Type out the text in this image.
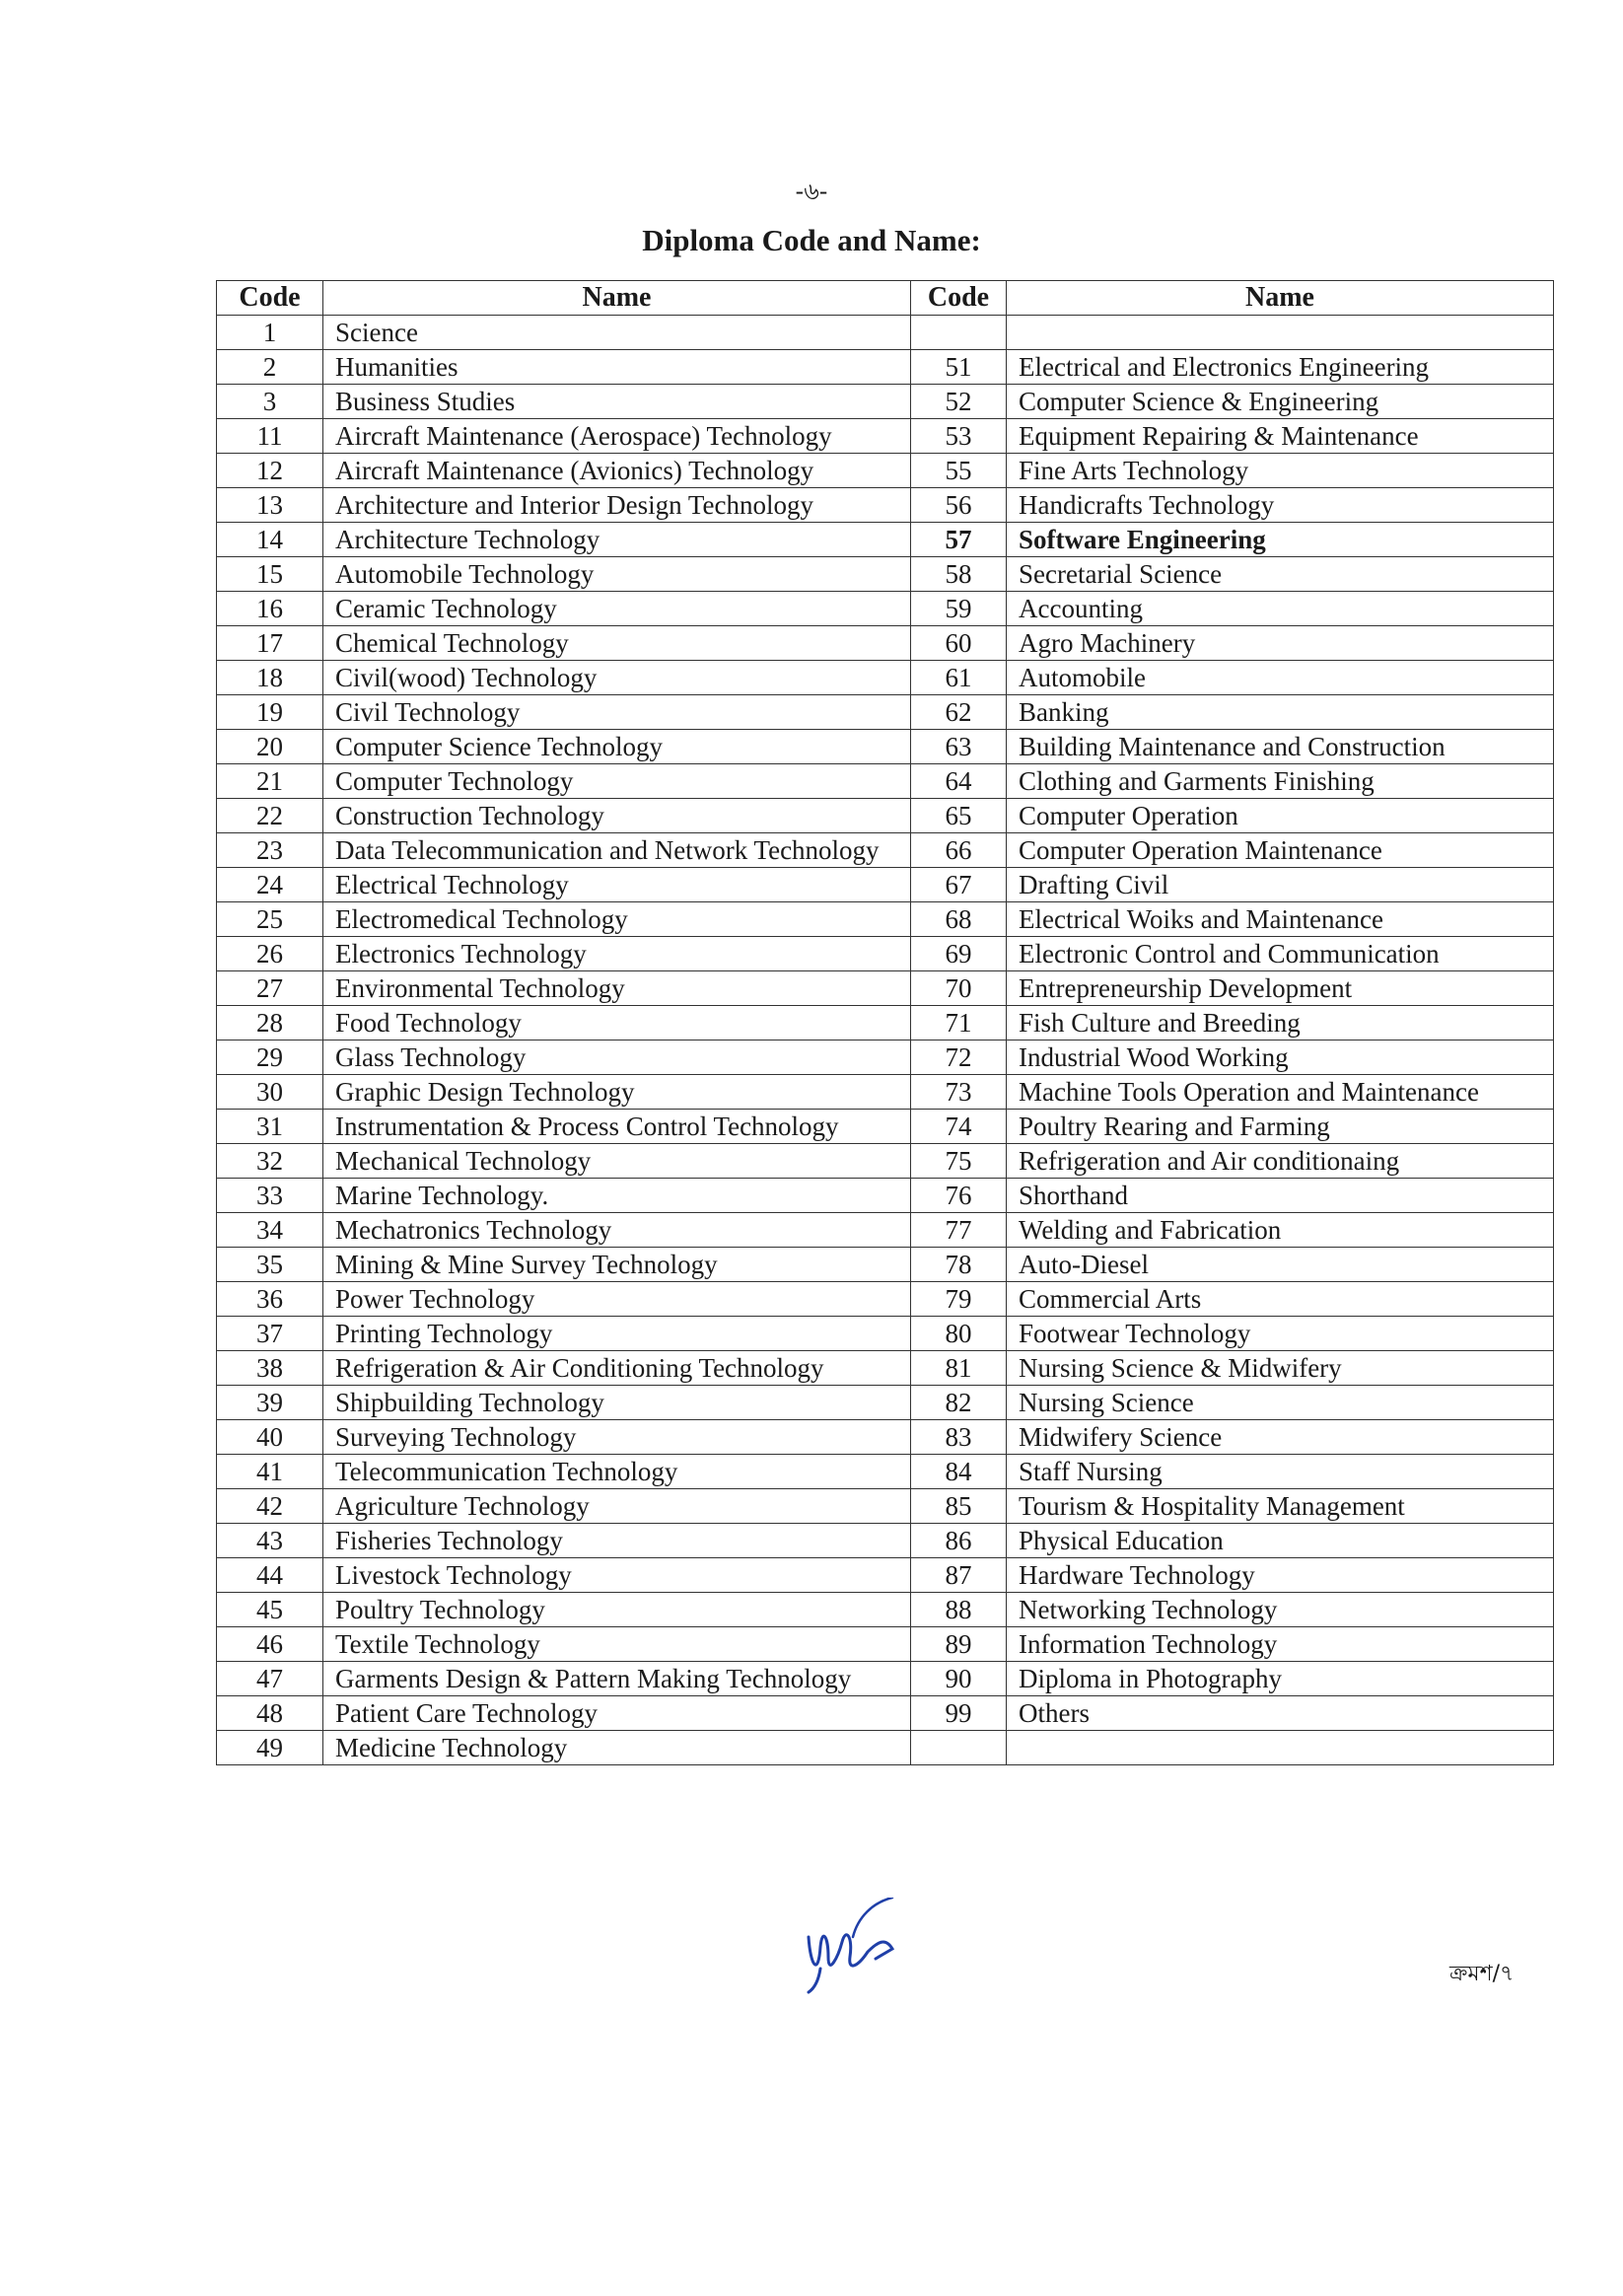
-৬-
Diploma Code and Name:
Code	Name	Code	Name
1	Science		
2	Humanities	51	Electrical and Electronics Engineering
3	Business Studies	52	Computer Science & Engineering
11	Aircraft Maintenance (Aerospace) Technology	53	Equipment Repairing & Maintenance
12	Aircraft Maintenance (Avionics) Technology	55	Fine Arts Technology
13	Architecture and Interior Design Technology	56	Handicrafts Technology
14	Architecture Technology	57	Software Engineering
15	Automobile Technology	58	Secretarial Science
16	Ceramic Technology	59	Accounting
17	Chemical Technology	60	Agro Machinery
18	Civil(wood) Technology	61	Automobile
19	Civil Technology	62	Banking
20	Computer Science Technology	63	Building Maintenance and Construction
21	Computer Technology	64	Clothing and Garments Finishing
22	Construction Technology	65	Computer Operation
23	Data Telecommunication and Network Technology	66	Computer Operation Maintenance
24	Electrical Technology	67	Drafting Civil
25	Electromedical Technology	68	Electrical Woiks and Maintenance
26	Electronics Technology	69	Electronic Control and Communication
27	Environmental Technology	70	Entrepreneurship Development
28	Food Technology	71	Fish Culture and Breeding
29	Glass Technology	72	Industrial Wood Working
30	Graphic Design Technology	73	Machine Tools Operation and Maintenance
31	Instrumentation & Process Control Technology	74	Poultry Rearing and Farming
32	Mechanical Technology	75	Refrigeration and Air conditionaing
33	Marine Technology.	76	Shorthand
34	Mechatronics Technology	77	Welding and Fabrication
35	Mining & Mine Survey Technology	78	Auto-Diesel
36	Power Technology	79	Commercial Arts
37	Printing Technology	80	Footwear Technology
38	Refrigeration & Air Conditioning Technology	81	Nursing Science & Midwifery
39	Shipbuilding Technology	82	Nursing Science
40	Surveying Technology	83	Midwifery Science
41	Telecommunication Technology	84	Staff Nursing
42	Agriculture Technology	85	Tourism & Hospitality Management
43	Fisheries Technology	86	Physical Education
44	Livestock Technology	87	Hardware Technology
45	Poultry Technology	88	Networking Technology
46	Textile Technology	89	Information Technology
47	Garments Design & Pattern Making Technology	90	Diploma in Photography
48	Patient Care Technology	99	Others
49	Medicine Technology		
ক্রমশ/৭
